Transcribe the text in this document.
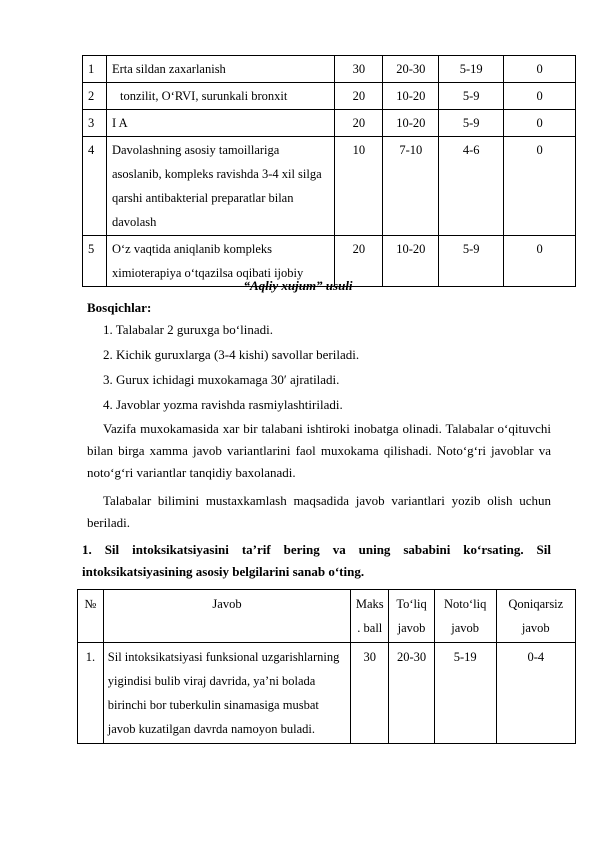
1	Erta sildan zaxarlanish	30	20-30	5-19	0
2	tonzilit, O‘RVI, surunkali bronxit	20	10-20	5-9	0
3	I A	20	10-20	5-9	0
4	Davolashning asosiy tamoillariga asoslanib, kompleks ravishda 3-4 xil silga qarshi antibakterial preparatlar bilan davolash	10	7-10	4-6	0
5	O‘z vaqtida aniqlanib kompleks ximioterapiya o‘tqazilsa oqibati ijobiy	20	10-20	5-9	0
“Aqliy xujum” usuli
Bosqichlar:
1. Talabalar 2 guruxga bo‘linadi.
2. Kichik guruxlarga (3-4 kishi) savollar beriladi.
3. Gurux ichidagi muxokamaga 30′ ajratiladi.
4. Javoblar yozma ravishda rasmiylashtiriladi.
Vazifa muxokamasida xar bir talabani ishtiroki inobatga olinadi. Talabalar o‘qituvchi bilan birga xamma javob variantlarini faol muxokama qilishadi. Noto‘g‘ri javoblar va noto‘g‘ri variantlar tanqidiy baxolanadi.
Talabalar bilimini mustaxkamlash maqsadida javob variantlari yozib olish uchun beriladi.
1. Sil intoksikatsiyasini ta’rif bering va uning sababini ko‘rsating. Sil intoksikatsiyasining asosiy belgilarini sanab o‘ting.
№	Javob	Maks . ball	To‘liq javob	Noto‘liq javob	Qoniqarsiz javob
1.	Sil intoksikatsiyasi funksional uzgarishlarning yigindisi bulib viraj davrida, ya’ni bolada birinchi bor tuberkulin sinamasiga musbat javob kuzatilgan davrda namoyon buladi.	30	20-30	5-19	0-4
